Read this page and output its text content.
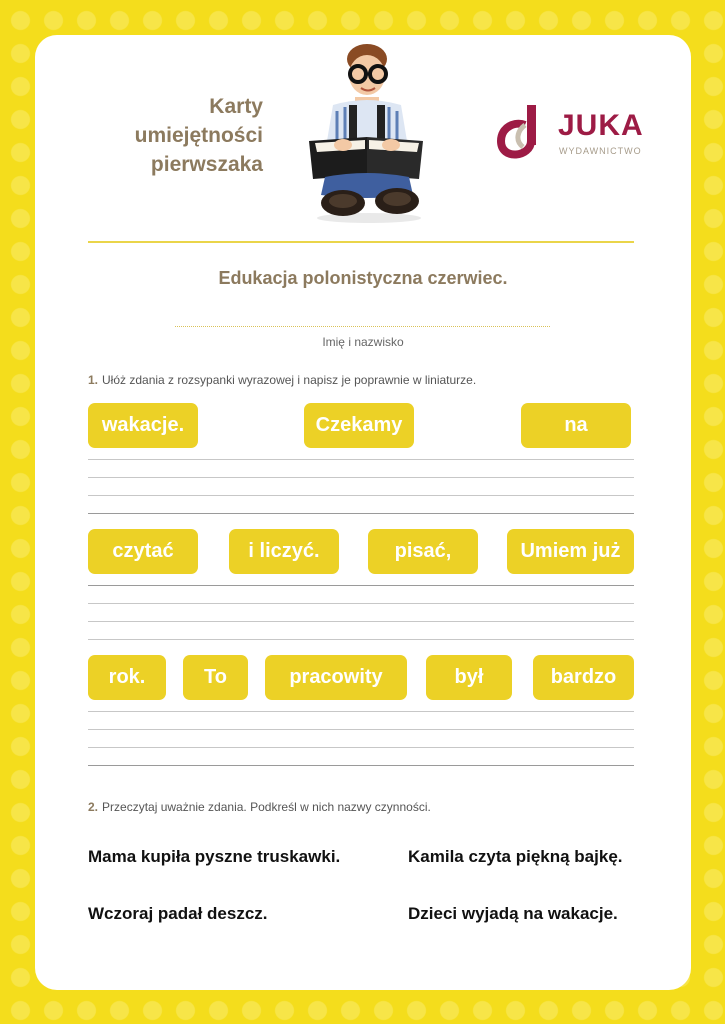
Karty
umiejętności
pierwszaka
JUKA
WYDAWNICTWO
Edukacja polonistyczna czerwiec.
Imię i nazwisko
1. Ułóż zdania z rozsypanki wyrazowej i napisz je poprawnie w liniaturze.
wakacje.	Czekamy	na
czytać	i liczyć.	pisać,	Umiem już
rok.	To	pracowity	był	bardzo
2. Przeczytaj uważnie zdania. Podkreśl w nich nazwy czynności.
Mama kupiła pyszne truskawki.	Kamila czyta piękną bajkę.
Wczoraj padał deszcz.	Dzieci wyjadą na wakacje.
